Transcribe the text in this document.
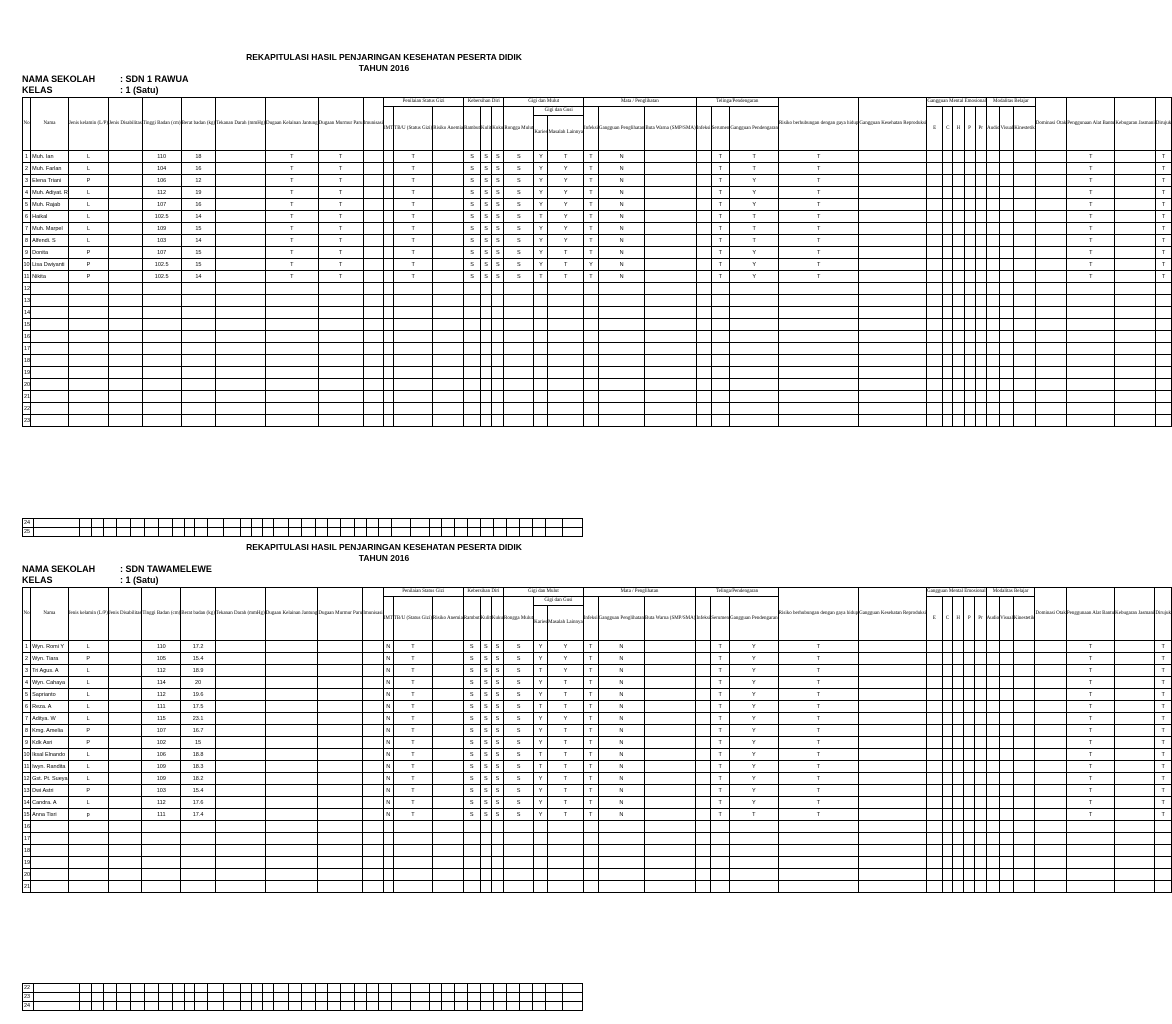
REKAPITULASI HASIL PENJARINGAN KESEHATAN PESERTA DIDIK
TAHUN 2016
NAMA SEKOLAH	: SDN 1 RAWUA
KELAS	: 1 (Satu)
No	Nama	Jenis kelamin (L/P)	Jenis Disabilitas	Tinggi Badan (cm)	Berat badan (kg)	Tekanan Darah (mmHg)	Dugaan Kelainan Jantung	Dugaan Murmur Paru	Imunisasi	Penilaian Status Gizi			Kebersihan Diri			Gigi dan Mulut			Mata / Penglihatan			Telinga/Pendengaran			Risiko berhubungan dengan gaya hidup	Gangguan Kesehatan Reproduksi	Gangguan Mental Emosional					Modalitas Belajar			Dominasi Otak	Penggunaan Alat Bantu	Kebugaran Jasmani	Dirujuk
										IMT	TB/U (Status Gizi)	Risiko Anemia	Rambut	Kulit	Kuku	Rongga Mulut	Gigi dan Gusi		Infeksi	Gangguan Penglihatan	Buta Warna (SMP/SMA)	Infeksi	Serumen	Gangguan Pendengaran			E	C	H	P	Pr	Audio	Visual	Kinestetik				
																	Karies	Masalah Lainnya																				
1	Muh. Ian	L		110	18		T	T			T		S	S	S	S	Y	T	T	N			T	T	T											T		T
2	Muh. Farlan	L		104	16		T	T			T		S	S	S	S	Y	Y	T	N			T	T	T											T		T
3	Elena Triani	P		106	12		T	T			T		S	S	S	S	Y	Y	T	N			T	Y	T											T		T
4	Muh. Adiyat. R	L		112	19		T	T			T		S	S	S	S	Y	Y	T	N			T	Y	T											T		T
5	Muh. Rajab	L		107	16		T	T			T		S	S	S	S	Y	Y	T	N			T	Y	T											T		T
6	Haikal	L		102.5	14		T	T			T		S	S	S	S	T	Y	T	N			T	T	T											T		T
7	Muh. Marpel	L		109	15		T	T			T		S	S	S	S	Y	Y	T	N			T	T	T											T		T
8	Alfendi. S	L		103	14		T	T			T		S	S	S	S	Y	Y	T	N			T	T	T											T		T
9	Donita	P		107	15		T	T			T		S	S	S	S	Y	T	T	N			T	Y	T											T		T
10	Lisa Dwiyanti	P		102.5	15		T	T			T		S	S	S	S	Y	T	Y	N			T	Y	T											T		T
11	Nikita	P		102.5	14		T	T			T		S	S	S	S	T	T	T	N			T	Y	T											T		T
12																																						
13																																						
14																																						
15																																						
16																																						
17																																						
18																																						
19																																						
20																																						
21																																						
22																																						
23																																						
24																																						
25																																						
REKAPITULASI HASIL PENJARINGAN KESEHATAN PESERTA DIDIK
TAHUN 2016
NAMA SEKOLAH	: SDN TAWAMELEWE
KELAS	: 1 (Satu)
No	Nama	Jenis kelamin (L/P)	Jenis Disabilitas	Tinggi Badan (cm)	Berat badan (kg)	Tekanan Darah (mmHg)	Dugaan Kelainan Jantung	Dugaan Murmur Paru	Imunisasi	Penilaian Status Gizi			Kebersihan Diri			Gigi dan Mulut			Mata / Penglihatan			Telinga/Pendengaran			Risiko berhubungan dengan gaya hidup	Gangguan Kesehatan Reproduksi	Gangguan Mental Emosional					Modalitas Belajar			Dominasi Otak	Penggunaan Alat Bantu	Kebugaran Jasmani	Dirujuk
										IMT	TB/U (Status Gizi)	Risiko Anemia	Rambut	Kulit	Kuku	Rongga Mulut	Gigi dan Gusi		Infeksi	Gangguan Penglihatan	Buta Warna (SMP/SMA)	Infeksi	Serumen	Gangguan Pendengaran			E	C	H	P	Pr	Audio	Visual	Kinestetik				
																	Karies	Masalah Lainnya																				
1	Wyn. Romi Y	L		110	17.2					N	T		S	S	S	S	Y	Y	T	N			T	Y	T											T		T
2	Wyn. Tiara	P		105	15.4					N	T		S	S	S	S	Y	Y	T	N			T	Y	T											T		T
3	Tri Agus. A	L		112	18.9					N	T		S	S	S	S	T	Y	T	N			T	Y	T											T		T
4	Wyn. Cahaya	L		114	20					N	T		S	S	S	S	Y	T	T	N			T	Y	T											T		T
5	Saprianto	L		112	19.6					N	T		S	S	S	S	Y	T	T	N			T	Y	T											T		T
6	Reza. A	L		111	17.5					N	T		S	S	S	S	T	T	T	N			T	Y	T											T		T
7	Aditya. W	L		115	23.1					N	T		S	S	S	S	Y	Y	T	N			T	Y	T											T		T
8	Kmg. Amelia	P		107	16.7					N	T		S	S	S	S	Y	T	T	N			T	Y	T											T		T
9	Kdk Asri	P		102	15					N	T		S	S	S	S	Y	T	T	N			T	Y	T											T		T
10	Iksal Elnando	L		106	18.8					N	T		S	S	S	S	T	T	T	N			T	Y	T											T		T
11	Iwyn. Randita	L		109	18.3					N	T		S	S	S	S	T	T	T	N			T	Y	T											T		T
12	Gst. Pt. Sueya	L		109	18.2					N	T		S	S	S	S	Y	T	T	N			T	Y	T											T		T
13	Dwi Astri	P		103	15.4					N	T		S	S	S	S	Y	T	T	N			T	Y	T											T		T
14	Candra. A	L		112	17.6					N	T		S	S	S	S	Y	T	T	N			T	Y	T											T		T
15	Anna Tisri	p		111	17.4					N	T		S	S	S	S	Y	T	T	N			T	T	T											T		T
16																																						
17																																						
18																																						
19																																						
20																																						
21																																						
22																																						
23																																						
24																																						
